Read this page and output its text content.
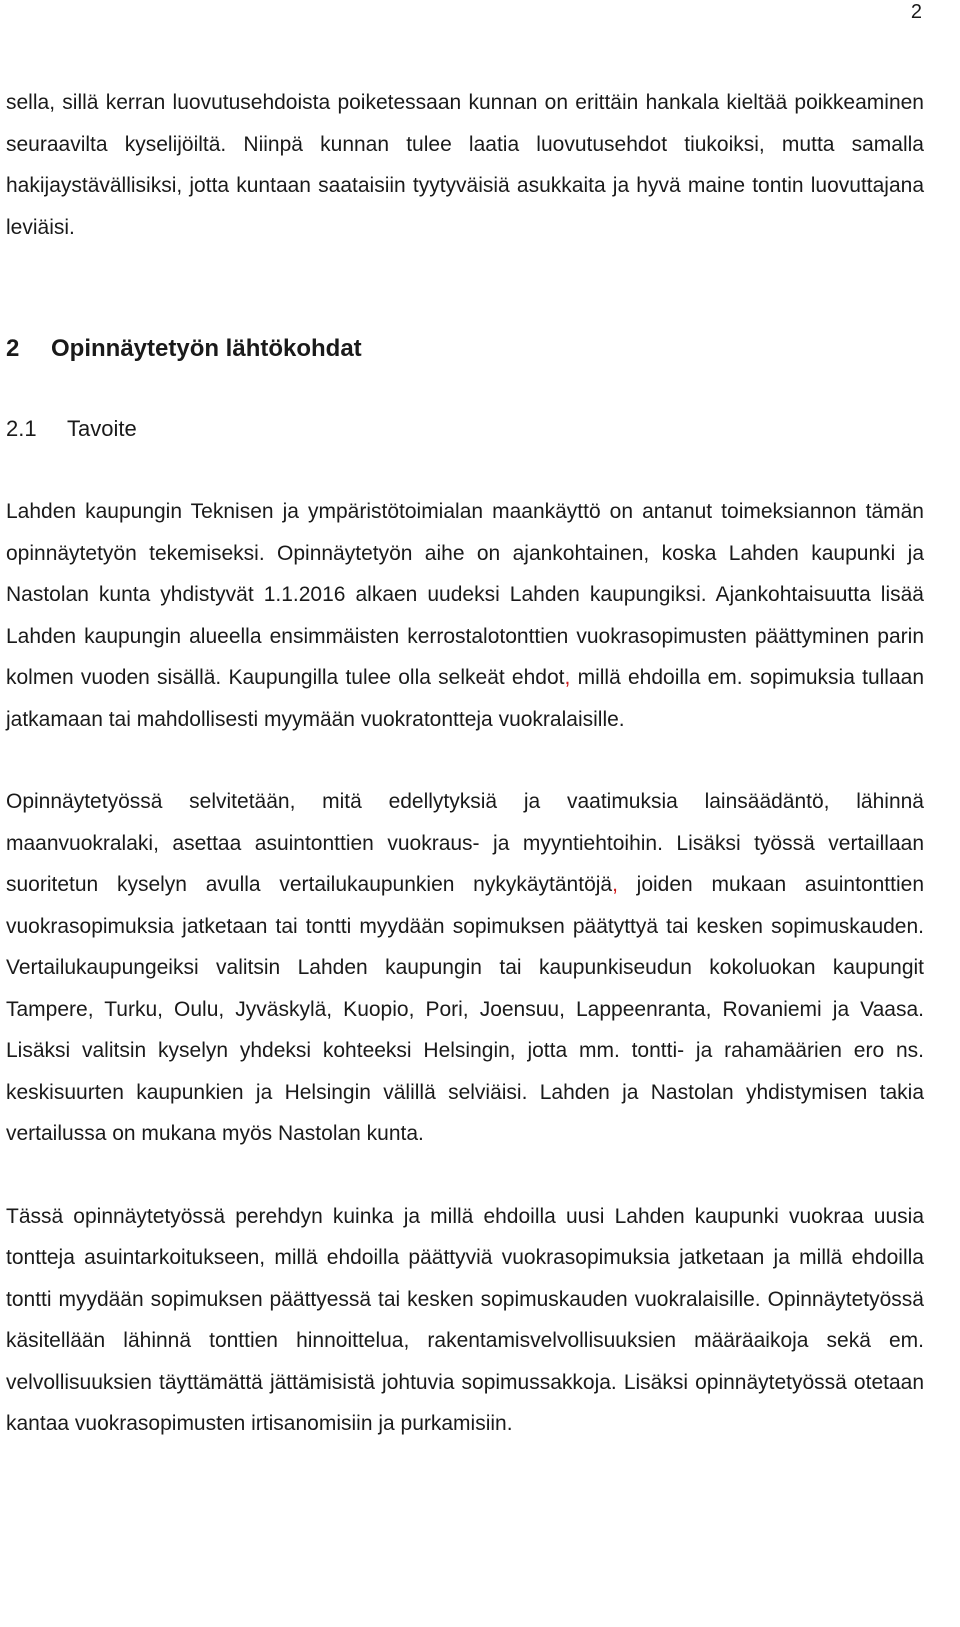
2

sella, sillä kerran luovutusehdoista poiketessaan kunnan on erittäin hankala kieltää poikkeaminen seuraavilta kyselijöiltä. Niinpä kunnan tulee laatia luovutusehdot tiukoiksi, mutta samalla hakijaystävällisiksi, jotta kuntaan saataisiin tyytyväisiä asukkaita ja hyvä maine tontin luovuttajana leviäisi.

2 Opinnäytetyön lähtökohdat
2.1 Tavoite

Lahden kaupungin Teknisen ja ympäristötoimialan maankäyttö on antanut toimeksiannon tämän opinnäytetyön tekemiseksi. Opinnäytetyön aihe on ajankohtainen, koska Lahden kaupunki ja Nastolan kunta yhdistyvät 1.1.2016 alkaen uudeksi Lahden kaupungiksi. Ajankohtaisuutta lisää Lahden kaupungin alueella ensimmäisten kerrostalotonttien vuokrasopimusten päättyminen parin kolmen vuoden sisällä. Kaupungilla tulee olla selkeät ehdot, millä ehdoilla em. sopimuksia tullaan jatkamaan tai mahdollisesti myymään vuokratontteja vuokralaisille.

Opinnäytetyössä selvitetään, mitä edellytyksiä ja vaatimuksia lainsäädäntö, lähinnä maanvuokralaki, asettaa asuintonttien vuokraus- ja myyntiehtoihin. Lisäksi työssä vertaillaan suoritetun kyselyn avulla vertailukaupunkien nykykäytäntöjä, joiden mukaan asuintonttien vuokrasopimuksia jatketaan tai tontti myydään sopimuksen päätyttyä tai kesken sopimuskauden. Vertailukaupungeiksi valitsin Lahden kaupungin tai kaupunkiseudun kokoluokan kaupungit Tampere, Turku, Oulu, Jyväskylä, Kuopio, Pori, Joensuu, Lappeenranta, Rovaniemi ja Vaasa. Lisäksi valitsin kyselyn yhdeksi kohteeksi Helsingin, jotta mm. tontti- ja rahamäärien ero ns. keskisuurten kaupunkien ja Helsingin välillä selviäisi. Lahden ja Nastolan yhdistymisen takia vertailussa on mukana myös Nastolan kunta.

Tässä opinnäytetyössä perehdyn kuinka ja millä ehdoilla uusi Lahden kaupunki vuokraa uusia tontteja asuintarkoitukseen, millä ehdoilla päättyviä vuokrasopimuksia jatketaan ja millä ehdoilla tontti myydään sopimuksen päättyessä tai kesken sopimuskauden vuokralaisille. Opinnäytetyössä käsitellään lähinnä tonttien hinnoittelua, rakentamisvelvollisuuksien määräaikoja sekä em. velvollisuuksien täyttämättä jättämisistä johtuvia sopimussakkoja. Lisäksi opinnäytetyössä otetaan kantaa vuokrasopimusten irtisanomisiin ja purkamisiin.
